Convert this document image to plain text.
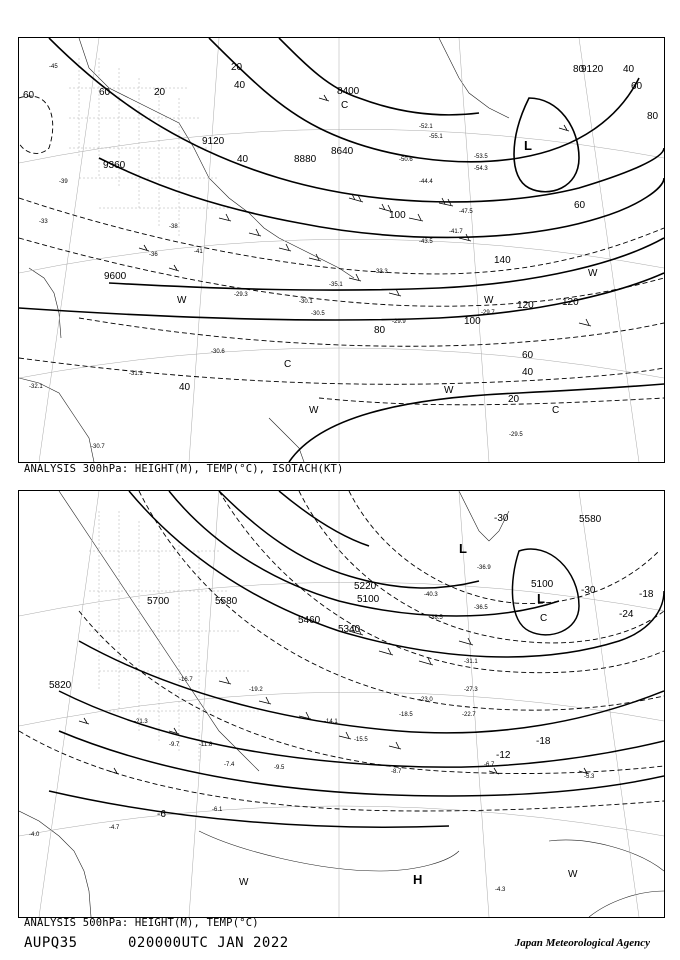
9360
9120
8880
8640
8400
9600
9120
20
40
60	20
40
60
80
100
120
140
100
120
60
40
20
80
40
60
80
60
40
L
C
W	W
C
W
W
C
W
-45
-47.5
-53.5
-54.3
-52.1
-55.1
-50.6
-44.4
-43.5
-41.7
-33.3
-35.1
-29.3
-30.1
-29.7
-30.5
-30.6
-31.1
-32.1
-29.9
-30.7
-29.5
-39
-41
-38
-36
-33
ANALYSIS 300hPa: HEIGHT(M), TEMP(°C), ISOTACH(KT)
5700	5580
5460
5340
5220
5100
5820
5580
5100
-30
-24
-18
-12
-6
-18
-30
L
L
C
H
W
W
-36.9
-40.3
-38.5
-36.5
-31.1
-27.3
-22.7
-23.0
-18.5
-19.2
-16.7
-14.1
-9.7
-7.4	-9.5
-8.7
-6.7
-5.3
-4.7
-4.3
-6.1
-4.0
-15.5
-21.3
-11.8
ANALYSIS 500hPa: HEIGHT(M), TEMP(°C)
AUPQ35	020000UTC JAN 2022	Japan Meteorological Agency
